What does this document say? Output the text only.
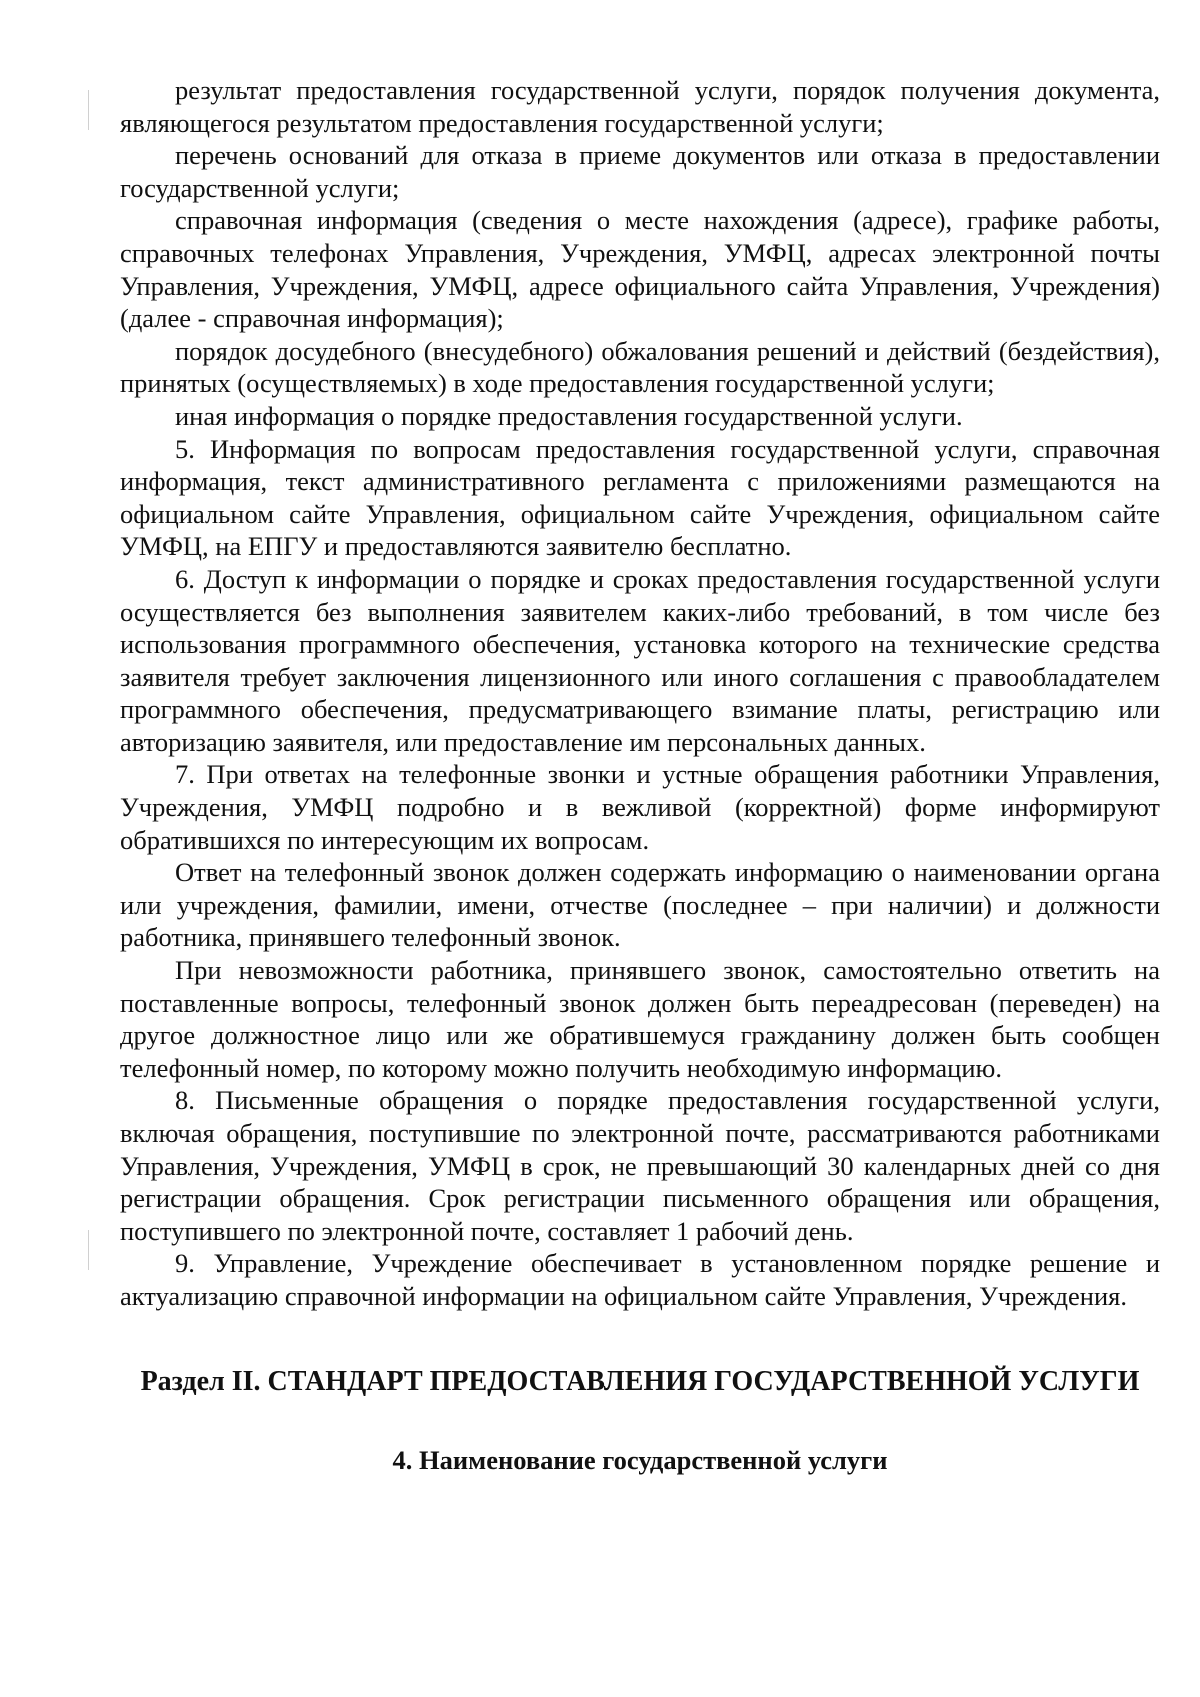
результат предоставления государственной услуги, порядок получения документа, являющегося результатом предоставления государственной услуги;

перечень оснований для отказа в приеме документов или отказа в предоставлении государственной услуги;

справочная информация (сведения о месте нахождения (адресе), графике работы, справочных телефонах Управления, Учреждения, УМФЦ, адресах электронной почты Управления, Учреждения, УМФЦ, адресе официального сайта Управления, Учреждения) (далее - справочная информация);

порядок досудебного (внесудебного) обжалования решений и действий (бездействия), принятых (осуществляемых) в ходе предоставления государственной услуги;

иная информация о порядке предоставления государственной услуги.

5. Информация по вопросам предоставления государственной услуги, справочная информация, текст административного регламента с приложениями размещаются на официальном сайте Управления, официальном сайте Учреждения, официальном сайте УМФЦ, на ЕПГУ и предоставляются заявителю бесплатно.

6. Доступ к информации о порядке и сроках предоставления государственной услуги осуществляется без выполнения заявителем каких-либо требований, в том числе без использования программного обеспечения, установка которого на технические средства заявителя требует заключения лицензионного или иного соглашения с правообладателем программного обеспечения, предусматривающего взимание платы, регистрацию или авторизацию заявителя, или предоставление им персональных данных.

7. При ответах на телефонные звонки и устные обращения работники Управления, Учреждения, УМФЦ подробно и в вежливой (корректной) форме информируют обратившихся по интересующим их вопросам.

Ответ на телефонный звонок должен содержать информацию о наименовании органа или учреждения, фамилии, имени, отчестве (последнее – при наличии) и должности работника, принявшего телефонный звонок.

При невозможности работника, принявшего звонок, самостоятельно ответить на поставленные вопросы, телефонный звонок должен быть переадресован (переведен) на другое должностное лицо или же обратившемуся гражданину должен быть сообщен телефонный номер, по которому можно получить необходимую информацию.

8. Письменные обращения о порядке предоставления государственной услуги, включая обращения, поступившие по электронной почте, рассматриваются работниками Управления, Учреждения, УМФЦ в срок, не превышающий 30 календарных дней со дня регистрации обращения. Срок регистрации письменного обращения или обращения, поступившего по электронной почте, составляет 1 рабочий день.

9. Управление, Учреждение обеспечивает в установленном порядке решение и актуализацию справочной информации на официальном сайте Управления, Учреждения.

Раздел II. СТАНДАРТ ПРЕДОСТАВЛЕНИЯ ГОСУДАРСТВЕННОЙ УСЛУГИ
4. Наименование государственной услуги
